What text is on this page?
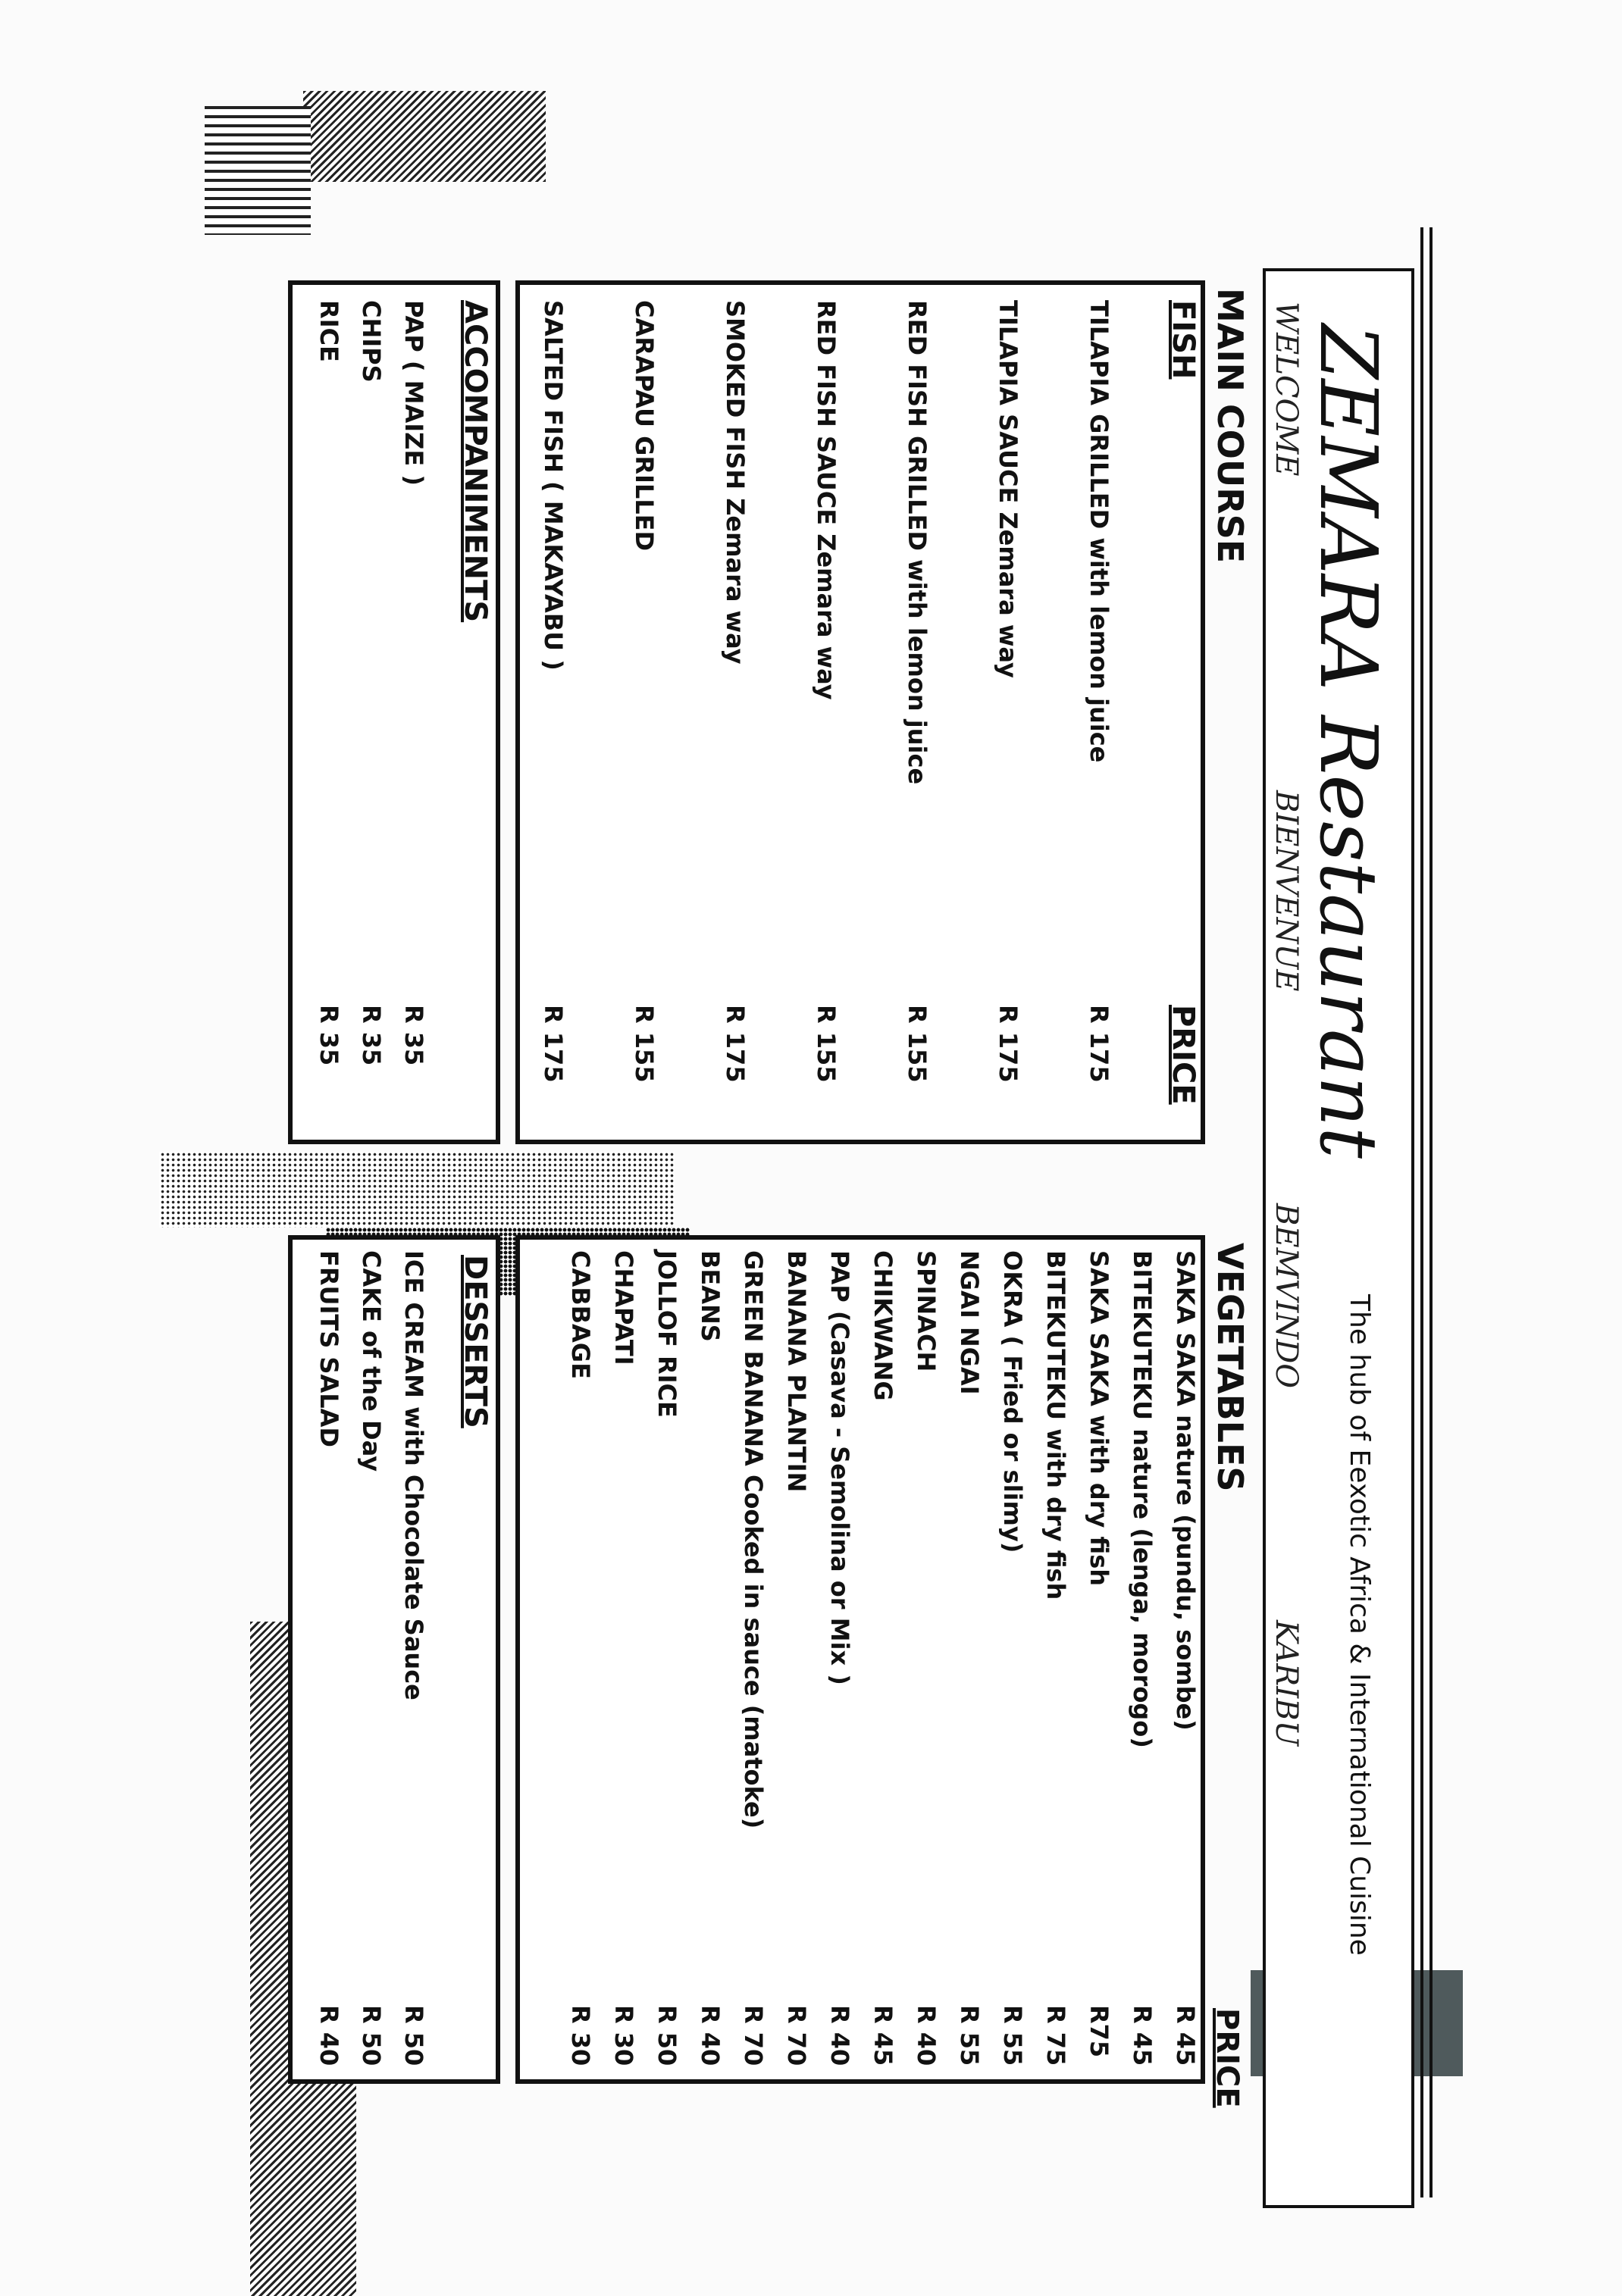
ZEMARA Restaurant
The hub of Eexotic Africa & International Cuisine
WELCOME
BIENVENUE
BEMVINDO
KARIBU
MAIN COURSE
FISH
PRICE
TILAPIA GRILLED with lemon juice
R 175
TILAPIA SAUCE Zemara way
R 175
RED FISH GRILLED with lemon juice
R 155
RED FISH SAUCE Zemara way
R 155
SMOKED FISH Zemara way
R 175
CARAPAU GRILLED
R 155
SALTED FISH ( MAKAYABU )
R 175
ACCOMPANIMENTS
PAP ( MAIZE )
R 35
CHIPS
R 35
RICE
R 35
VEGETABLES
PRICE
SAKA SAKA nature (pundu, sombe)
R 45
BITEKUTEKU nature (lenga, morogo)
R 45
SAKA SAKA with dry fish
R75
BITEKUTEKU with dry fish
R 75
OKRA ( Fried or slimy)
R 55
NGAI NGAI
R 55
SPINACH
R 40
CHIKWANG
R 45
PAP (Casava - Semolina or Mix )
R 40
BANANA PLANTIN
R 70
GREEN BANANA Cooked in sauce (matoke)
R 70
BEANS
R 40
JOLLOF RICE
R 50
CHAPATI
R 30
CABBAGE
R 30
DESSERTS
ICE CREAM with Chocolate Sauce
R 50
CAKE of the Day
R 50
FRUITS SALAD
R 40
